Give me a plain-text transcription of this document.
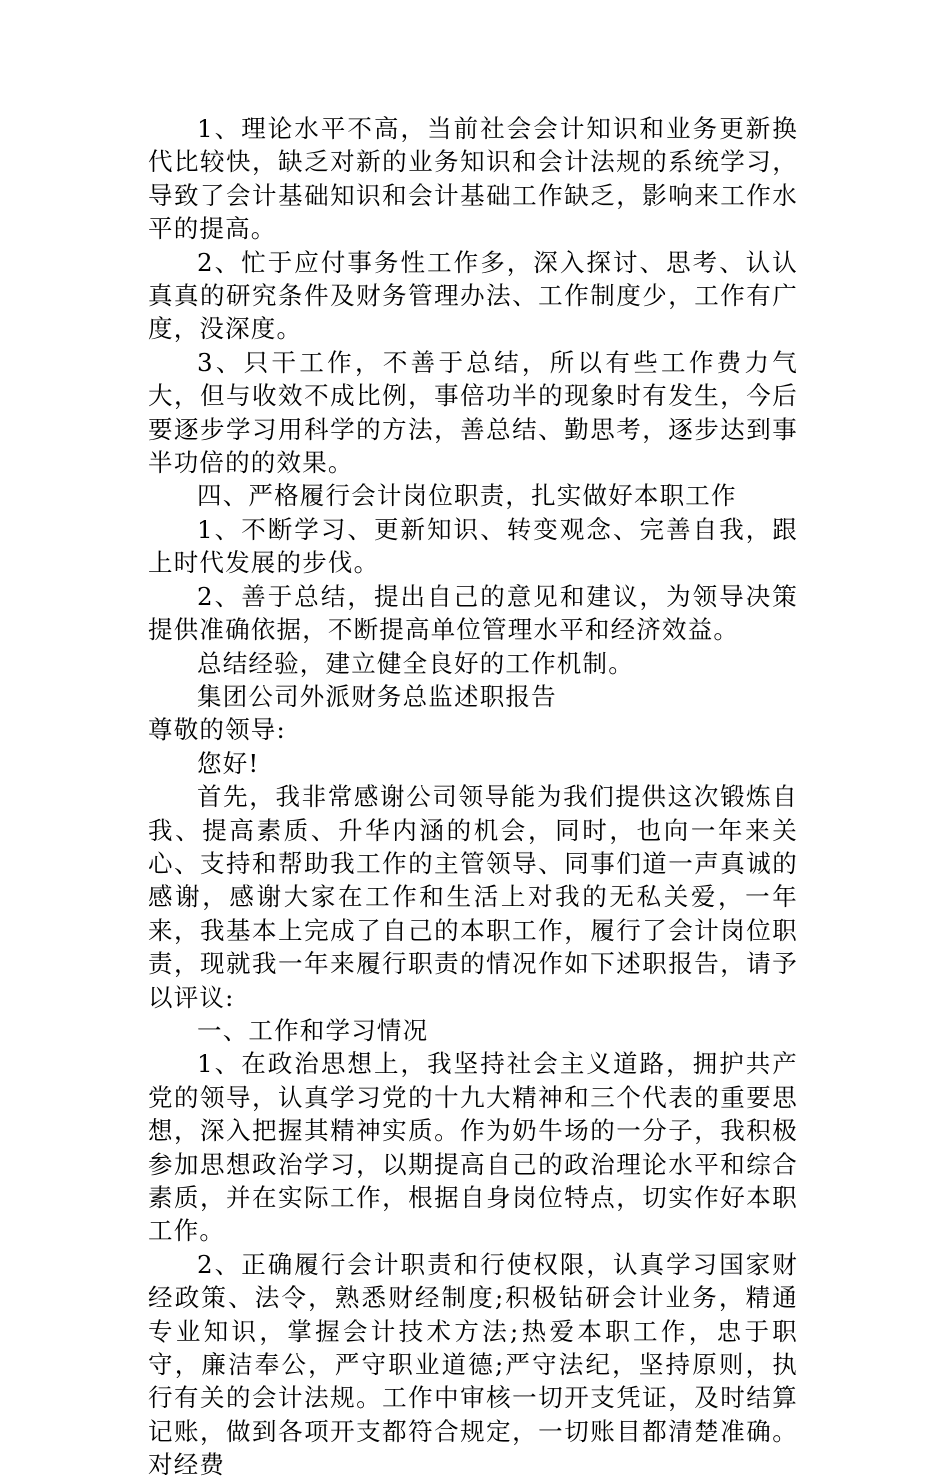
1、理论水平不高，当前社会会计知识和业务更新换代比较快，缺乏对新的业务知识和会计法规的系统学习，导致了会计基础知识和会计基础工作缺乏，影响来工作水平的提高。

2、忙于应付事务性工作多，深入探讨、思考、认认真真的研究条件及财务管理办法、工作制度少，工作有广度，没深度。

3、只干工作，不善于总结，所以有些工作费力气大，但与收效不成比例，事倍功半的现象时有发生，今后要逐步学习用科学的方法，善总结、勤思考，逐步达到事半功倍的的效果。

四、严格履行会计岗位职责，扎实做好本职工作

1、不断学习、更新知识、转变观念、完善自我，跟上时代发展的步伐。

2、善于总结，提出自己的意见和建议，为领导决策提供准确依据，不断提高单位管理水平和经济效益。

总结经验，建立健全良好的工作机制。

集团公司外派财务总监述职报告

尊敬的领导:

您好!

首先，我非常感谢公司领导能为我们提供这次锻炼自我、提高素质、升华内涵的机会，同时，也向一年来关心、支持和帮助我工作的主管领导、同事们道一声真诚的感谢，感谢大家在工作和生活上对我的无私关爱，一年来，我基本上完成了自己的本职工作，履行了会计岗位职责，现就我一年来履行职责的情况作如下述职报告，请予以评议:

一、工作和学习情况

1、在政治思想上，我坚持社会主义道路，拥护共产党的领导，认真学习党的十九大精神和三个代表的重要思想，深入把握其精神实质。作为奶牛场的一分子，我积极参加思想政治学习，以期提高自己的政治理论水平和综合素质，并在实际工作，根据自身岗位特点，切实作好本职工作。

2、正确履行会计职责和行使权限，认真学习国家财经政策、法令，熟悉财经制度;积极钻研会计业务，精通专业知识，掌握会计技术方法;热爱本职工作，忠于职守，廉洁奉公，严守职业道德;严守法纪，坚持原则，执行有关的会计法规。工作中审核一切开支凭证，及时结算记账，做到各项开支都符合规定，一切账目都清楚准确。对经费
